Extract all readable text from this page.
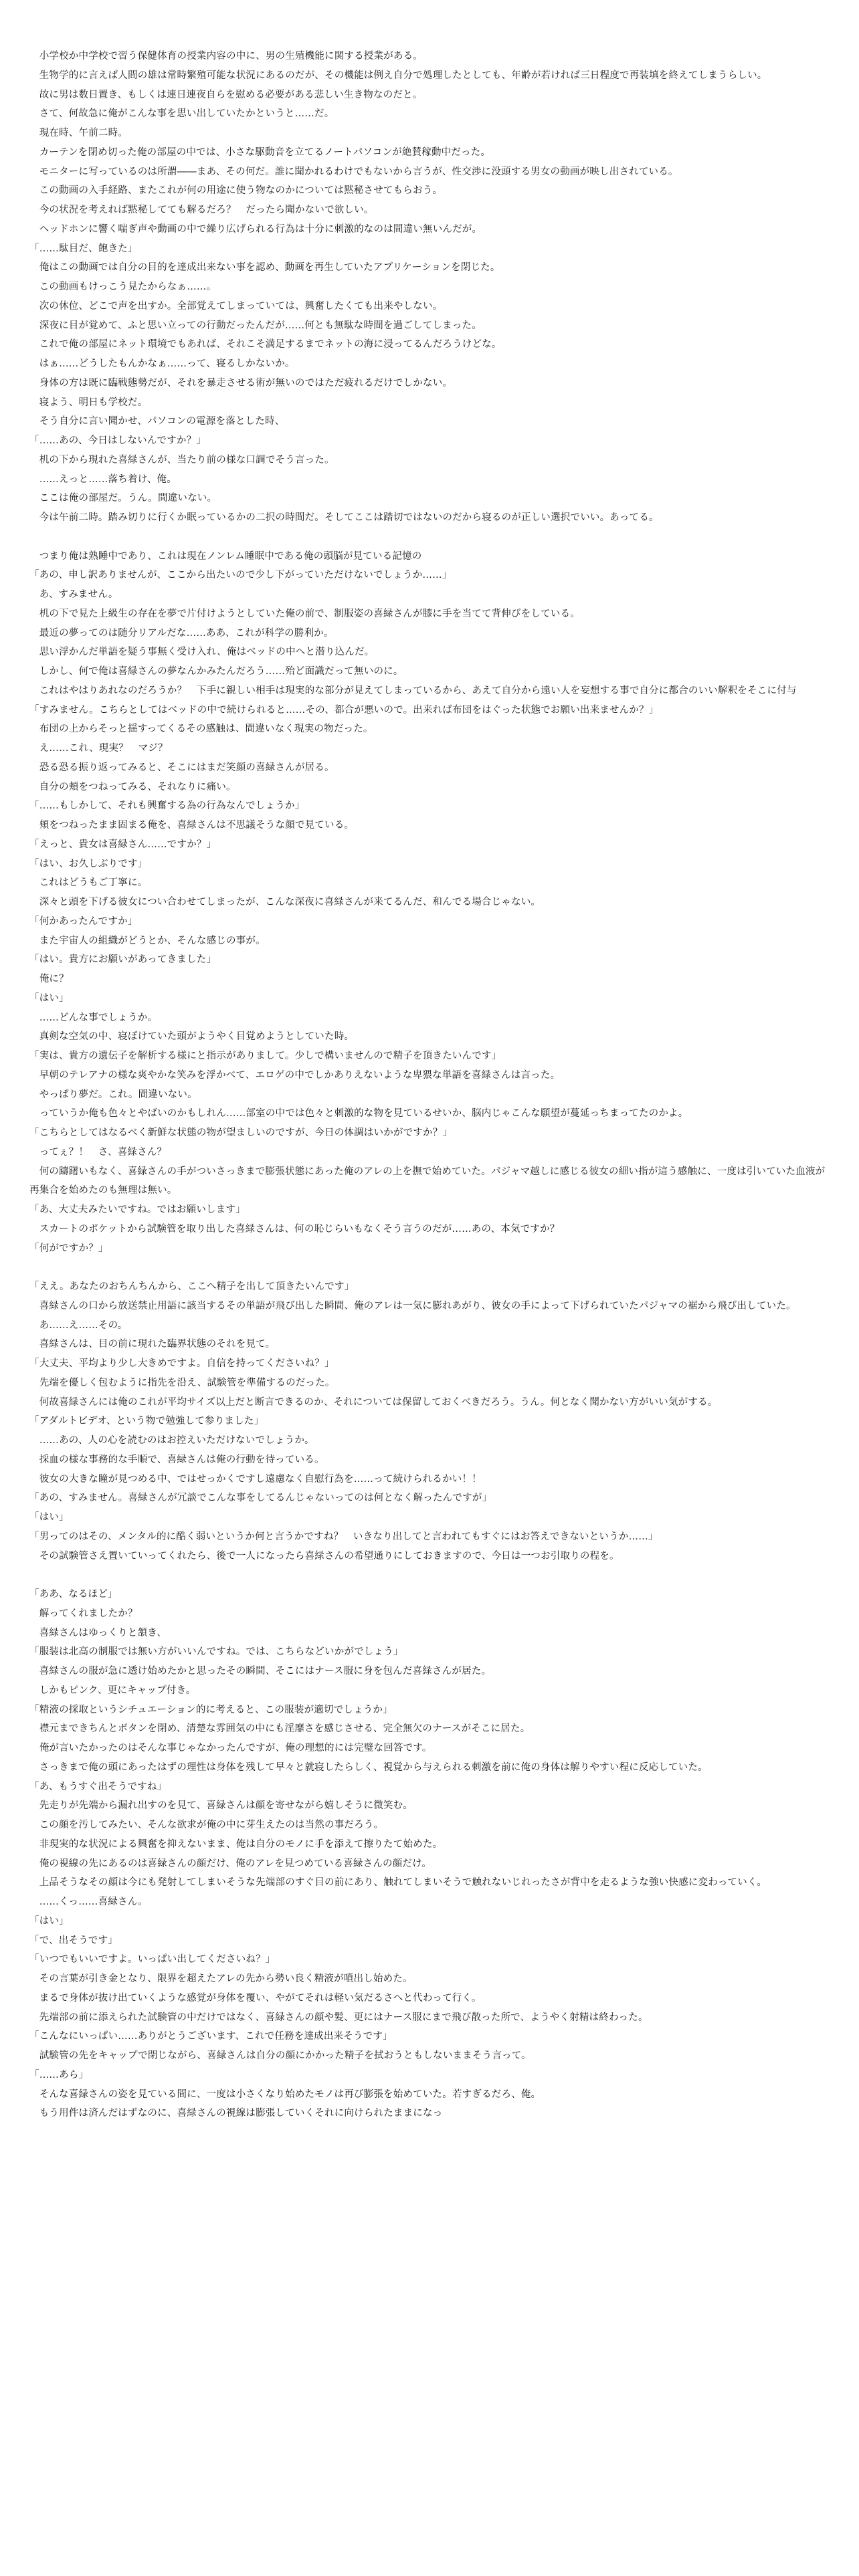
　小学校か中学校で習う保健体育の授業内容の中に、男の生殖機能に関する授業がある。

　生物学的に言えば人間の雄は常時繁殖可能な状況にあるのだが、その機能は例え自分で処理したとしても、年齢が若ければ三日程度で再装填を終えてしまうらしい。

　故に男は数日置き、もしくは連日連夜自らを慰める必要がある悲しい生き物なのだと。

　さて、何故急に俺がこんな事を思い出していたかというと……だ。

　現在時、午前二時。

　カーテンを閉め切った俺の部屋の中では、小さな駆動音を立てるノートパソコンが絶賛稼動中だった。

　モニターに写っているのは所謂――まあ、その何だ。誰に聞かれるわけでもないから言うが、性交渉に没頭する男女の動画が映し出されている。

　この動画の入手経路、またこれが何の用途に使う物なのかについては黙秘させてもらおう。

　今の状況を考えれば黙秘してても解るだろ？　だったら聞かないで欲しい。

　ヘッドホンに響く喘ぎ声や動画の中で繰り広げられる行為は十分に刺激的なのは間違い無いんだが。

「……駄目だ、飽きた」

　俺はこの動画では自分の目的を達成出来ない事を認め、動画を再生していたアプリケーションを閉じた。

　この動画もけっこう見たからなぁ……。

　次の休位、どこで声を出すか。全部覚えてしまっていては、興奮したくても出来やしない。

　深夜に目が覚めて、ふと思い立っての行動だったんだが……何とも無駄な時間を過ごしてしまった。

　これで俺の部屋にネット環境でもあれば、それこそ満足するまでネットの海に浸ってるんだろうけどな。

　はぁ……どうしたもんかなぁ……って、寝るしかないか。

　身体の方は既に臨戦態勢だが、それを暴走させる術が無いのではただ疲れるだけでしかない。

　寝よう、明日も学校だ。

　そう自分に言い聞かせ、パソコンの電源を落とした時、

「……あの、今日はしないんですか？」

　机の下から現れた喜緑さんが、当たり前の様な口調でそう言った。

　……えっと……落ち着け、俺。

　ここは俺の部屋だ。うん。間違いない。

　今は午前二時。踏み切りに行くか眠っているかの二択の時間だ。そしてここは踏切ではないのだから寝るのが正しい選択でいい。あってる。

　つまり俺は熟睡中であり、これは現在ノンレム睡眠中である俺の頭脳が見ている記憶の

「あの、申し訳ありませんが、ここから出たいので少し下がっていただけないでしょうか……」

　あ、すみません。

　机の下で見た上級生の存在を夢で片付けようとしていた俺の前で、制服姿の喜緑さんが膝に手を当てて背伸びをしている。

　最近の夢ってのは随分リアルだな……ああ、これが科学の勝利か。

　思い浮かんだ単語を疑う事無く受け入れ、俺はベッドの中へと潜り込んだ。

　しかし、何で俺は喜緑さんの夢なんかみたんだろう……殆ど面識だって無いのに。

　これはやはりあれなのだろうか？　下手に親しい相手は現実的な部分が見えてしまっているから、あえて自分から遠い人を妄想する事で自分に都合のいい解釈をそこに付与

「すみません。こちらとしてはベッドの中で続けられると……その、都合が悪いので。出来れば布団をはぐった状態でお願い出来ませんか？」

　布団の上からそっと揺すってくるその感触は、間違いなく現実の物だった。

　え……これ、現実？　マジ？

　恐る恐る振り返ってみると、そこにはまだ笑顔の喜緑さんが居る。

　自分の頬をつねってみる、それなりに痛い。

「……もしかして、それも興奮する為の行為なんでしょうか」

　頬をつねったまま固まる俺を、喜緑さんは不思議そうな顔で見ている。

「えっと、貴女は喜緑さん……ですか？」

「はい、お久しぶりです」

　これはどうもご丁寧に。

　深々と頭を下げる彼女につい合わせてしまったが、こんな深夜に喜緑さんが来てるんだ、和んでる場合じゃない。

「何かあったんですか」

　また宇宙人の組織がどうとか、そんな感じの事が。

「はい。貴方にお願いがあってきました」

　俺に？

「はい」

　……どんな事でしょうか。

　真剣な空気の中、寝ぼけていた頭がようやく目覚めようとしていた時。

「実は、貴方の遺伝子を解析する様にと指示がありまして。少しで構いませんので精子を頂きたいんです」

　早朝のテレアナの様な爽やかな笑みを浮かべて、エロゲの中でしかありえないような卑猥な単語を喜緑さんは言った。

　やっぱり夢だ。これ。間違いない。

　っていうか俺も色々とやばいのかもしれん……部室の中では色々と刺激的な物を見ているせいか、脳内じゃこんな願望が蔓延っちまってたのかよ。

「こちらとしてはなるべく新鮮な状態の物が望ましいのですが、今日の体調はいかがですか？」

　ってぇ？！　さ、喜緑さん？

　何の躊躇いもなく、喜緑さんの手がついさっきまで膨張状態にあった俺のアレの上を撫で始めていた。パジャマ越しに感じる彼女の細い指が這う感触に、一度は引いていた血液が再集合を始めたのも無理は無い。

「あ、大丈夫みたいですね。ではお願いします」

　スカートのポケットから試験管を取り出した喜緑さんは、何の恥じらいもなくそう言うのだが……あの、本気ですか？

「何がですか？」

「ええ。あなたのおちんちんから、ここへ精子を出して頂きたいんです」

　喜緑さんの口から放送禁止用語に該当するその単語が飛び出した瞬間、俺のアレは一気に膨れあがり、彼女の手によって下げられていたパジャマの裾から飛び出していた。

　あ……え……その。

　喜緑さんは、目の前に現れた臨界状態のそれを見て。

「大丈夫、平均より少し大きめですよ。自信を持ってくださいね？」

　先端を優しく包むように指先を沿え、試験管を準備するのだった。

　何故喜緑さんには俺のこれが平均サイズ以上だと断言できるのか、それについては保留しておくべきだろう。うん。何となく聞かない方がいい気がする。

「アダルトビデオ、という物で勉強して参りました」

　……あの、人の心を読むのはお控えいただけないでしょうか。

　採血の様な事務的な手順で、喜緑さんは俺の行動を待っている。

　彼女の大きな瞳が見つめる中、ではせっかくですし遠慮なく自慰行為を……って続けられるかい！！

「あの、すみません。喜緑さんが冗談でこんな事をしてるんじゃないってのは何となく解ったんですが」

「はい」

「男ってのはその、メンタル的に酷く弱いというか何と言うかですね？　いきなり出してと言われてもすぐにはお答えできないというか……」

　その試験管さえ置いていってくれたら、後で一人になったら喜緑さんの希望通りにしておきますので、今日は一つお引取りの程を。

「ああ、なるほど」

　解ってくれましたか？

　喜緑さんはゆっくりと頷き、

「服装は北高の制服では無い方がいいんですね。では、こちらなどいかがでしょう」

　喜緑さんの服が急に透け始めたかと思ったその瞬間、そこにはナース服に身を包んだ喜緑さんが居た。

　しかもピンク、更にキャップ付き。

「精液の採取というシチュエーション的に考えると、この服装が適切でしょうか」

　襟元まできちんとボタンを閉め、清楚な雰囲気の中にも淫靡さを感じさせる、完全無欠のナースがそこに居た。

　俺が言いたかったのはそんな事じゃなかったんですが、俺の理想的には完璧な回答です。

　さっきまで俺の頭にあったはずの理性は身体を残して早々と就寝したらしく、視覚から与えられる刺激を前に俺の身体は解りやすい程に反応していた。

「あ、もうすぐ出そうですね」

　先走りが先端から漏れ出すのを見て、喜緑さんは顔を寄せながら嬉しそうに微笑む。

　この顔を汚してみたい、そんな欲求が俺の中に芽生えたのは当然の事だろう。

　非現実的な状況による興奮を抑えないまま、俺は自分のモノに手を添えて擦りたて始めた。

　俺の視線の先にあるのは喜緑さんの顔だけ、俺のアレを見つめている喜緑さんの顔だけ。

　上品そうなその顔は今にも発射してしまいそうな先端部のすぐ目の前にあり、触れてしまいそうで触れないじれったさが背中を走るような強い快感に変わっていく。

　……くっ……喜緑さん。

「はい」

「で、出そうです」

「いつでもいいですよ。いっぱい出してくださいね？」

　その言葉が引き金となり、限界を超えたアレの先から勢い良く精液が噴出し始めた。

　まるで身体が抜け出ていくような感覚が身体を覆い、やがてそれは軽い気だるさへと代わって行く。

　先端部の前に添えられた試験管の中だけではなく、喜緑さんの顔や髪、更にはナース服にまで飛び散った所で、ようやく射精は終わった。

「こんなにいっぱい……ありがとうございます、これで任務を達成出来そうです」

　試験管の先をキャップで閉じながら、喜緑さんは自分の顔にかかった精子を拭おうともしないままそう言って。

「……あら」

　そんな喜緑さんの姿を見ている間に、一度は小さくなり始めたモノは再び膨張を始めていた。若すぎるだろ、俺。

　もう用件は済んだはずなのに、喜緑さんの視線は膨張していくそれに向けられたままになっ
